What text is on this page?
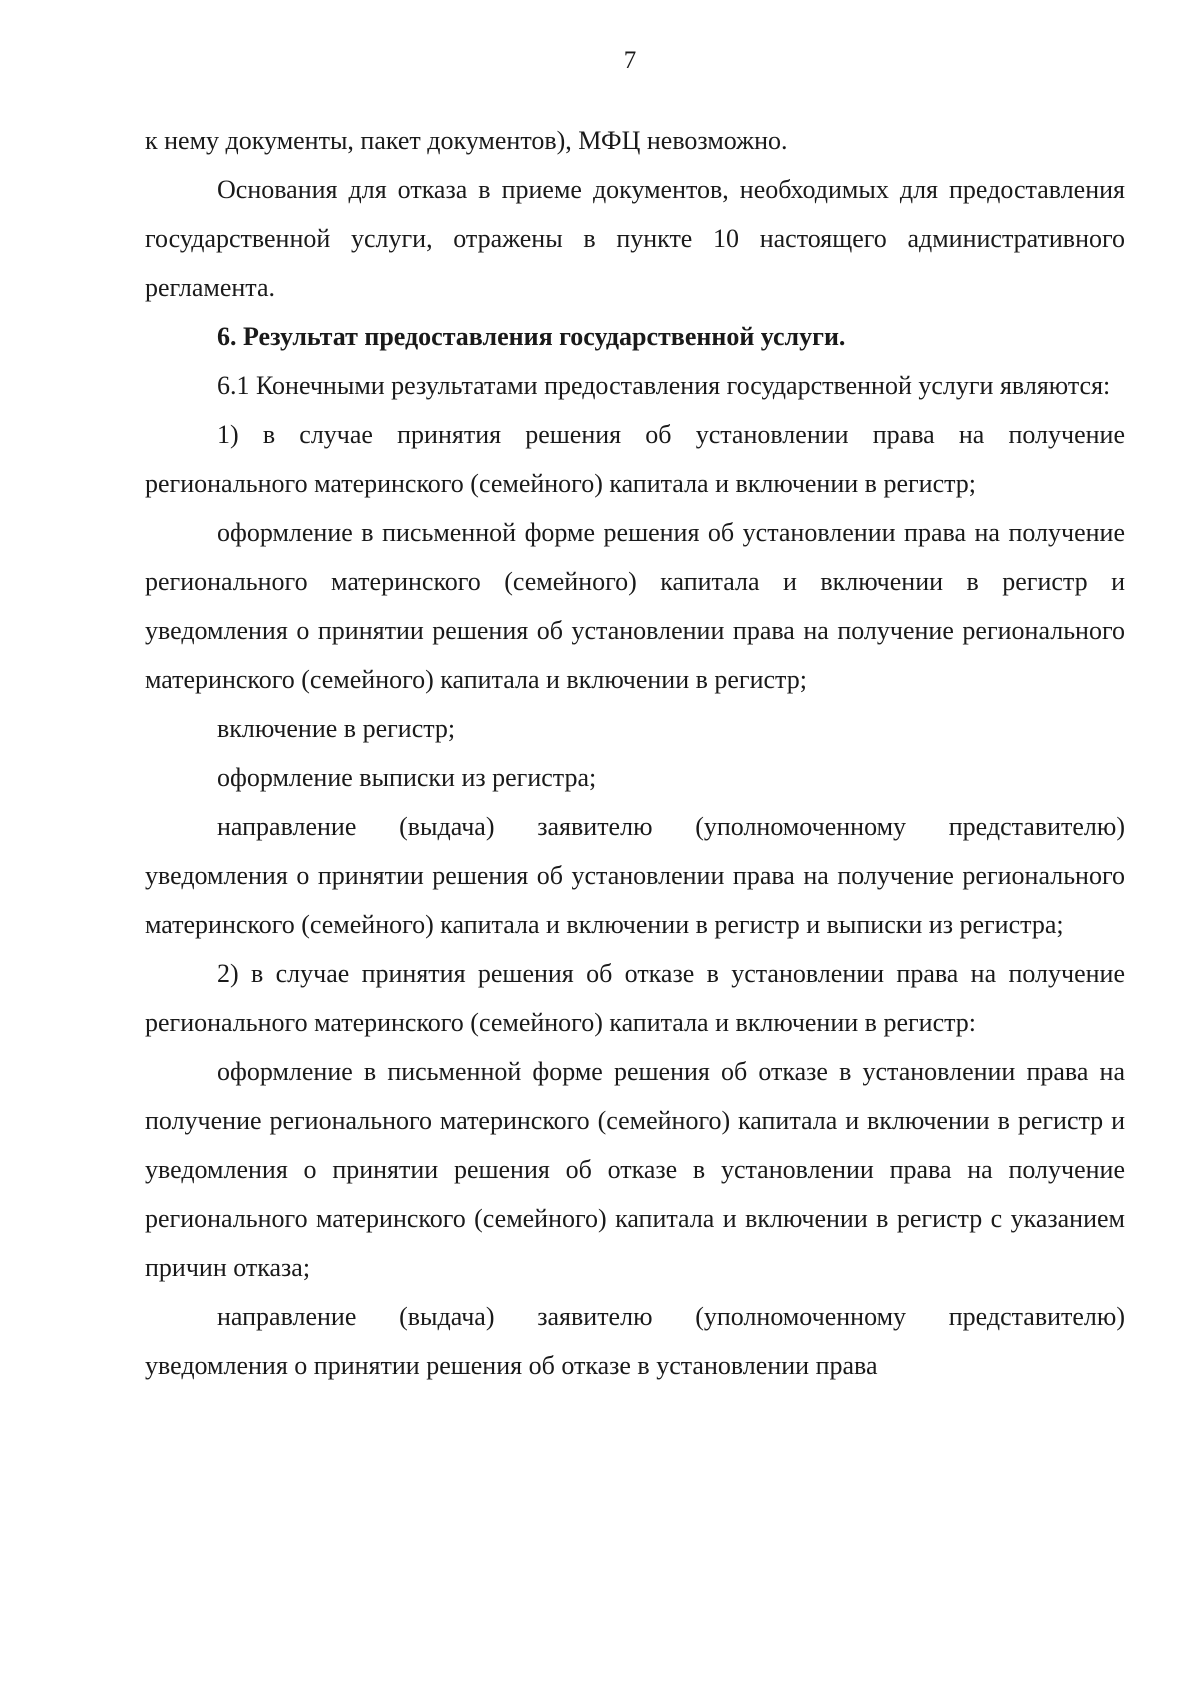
7

к нему документы, пакет документов), МФЦ невозможно.

Основания для отказа в приеме документов, необходимых для предоставления государственной услуги, отражены в пункте 10 настоящего административного регламента.

6. Результат предоставления государственной услуги.

6.1 Конечными результатами предоставления государственной услуги являются:

1) в случае принятия решения об установлении права на получение регионального материнского (семейного) капитала и включении в регистр;

оформление в письменной форме решения об установлении права на получение регионального материнского (семейного) капитала и включении в регистр и уведомления о принятии решения об установлении права на получение регионального материнского (семейного) капитала и включении в регистр;

включение в регистр;

оформление выписки из регистра;

направление (выдача) заявителю (уполномоченному представителю) уведомления о принятии решения об установлении права на получение регионального материнского (семейного) капитала и включении в регистр и выписки из регистра;

2) в случае принятия решения об отказе в установлении права на получение регионального материнского (семейного) капитала и включении в регистр:

оформление в письменной форме решения об отказе в установлении права на получение регионального материнского (семейного) капитала и включении в регистр и уведомления о принятии решения об отказе в установлении права на получение регионального материнского (семейного) капитала и включении в регистр с указанием причин отказа;

направление (выдача) заявителю (уполномоченному представителю) уведомления о принятии решения об отказе в установлении права
